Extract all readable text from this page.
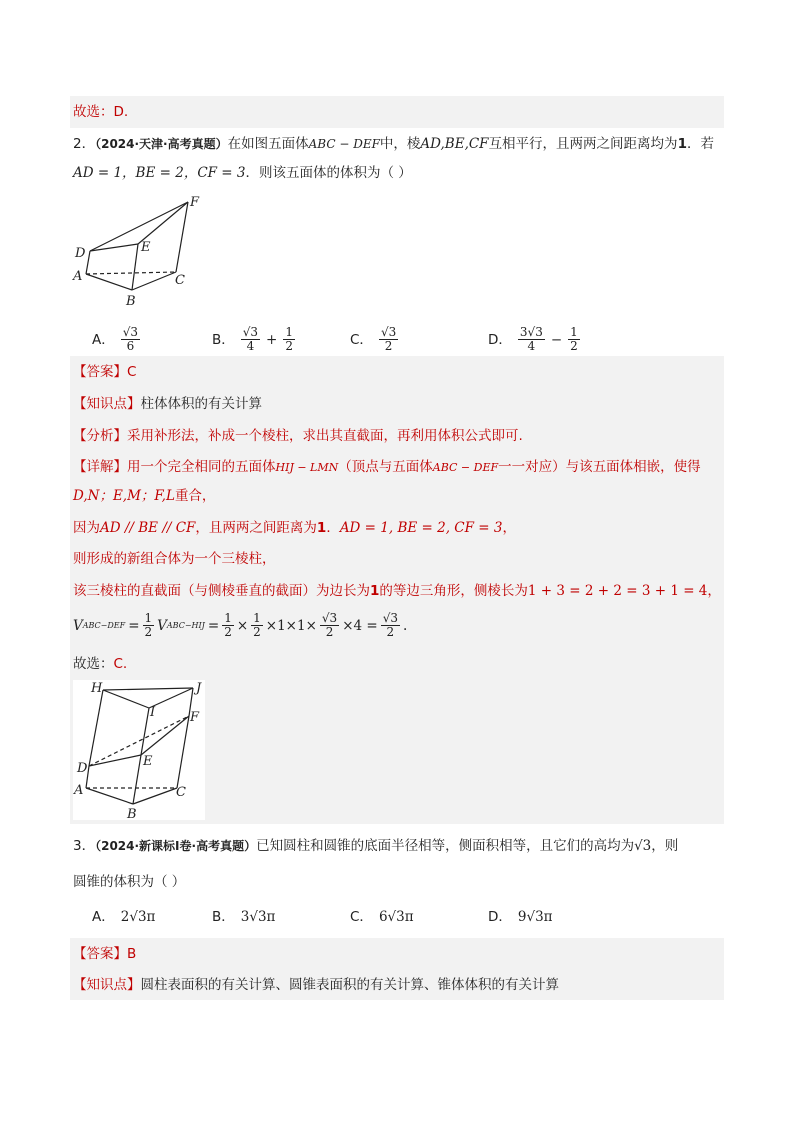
故选：D.
2．（2024·天津·高考真题）在如图五面体ABC − DEF中，棱AD,BE,CF互相平行，且两两之间距离均为1．若
AD = 1，BE = 2，CF = 3．则该五面体的体积为（ ）
F
E
D
A
B
C
A． $\frac{√3}{6}$	B． $\frac{√3}{4} + \frac{1}{2}$	C． $\frac{√3}{2}$	D． $\frac{3√3}{4} - \frac{1}{2}$
【答案】C
【知识点】柱体体积的有关计算
【分析】采用补形法，补成一个棱柱，求出其直截面，再利用体积公式即可.
【详解】用一个完全相同的五面体HIJ − LMN（顶点与五面体ABC − DEF一一对应）与该五面体相嵌，使得
D,N；E,M；F,L重合，
因为AD // BE // CF，且两两之间距离为1．AD = 1, BE = 2, CF = 3，
则形成的新组合体为一个三棱柱，
该三棱柱的直截面（与侧棱垂直的截面）为边长为1的等边三角形，侧棱长为1 + 3 = 2 + 2 = 3 + 1 = 4，
V $ABC-DEF = \frac{1}{2}$ V $ABC-HIJ = \frac{1}{2} \times \frac{1}{2} \times 1\times 1\times \frac{√3}{2} \times 4 = \frac{√3}{2}$ .
故选：C.
H
I
J
F
D	E
A
B
C
3．（2024·新课标Ⅰ卷·高考真题）已知圆柱和圆锥的底面半径相等，侧面积相等，且它们的高均为√3，则
圆锥的体积为（ ）
A． 2√3π	B． 3√3π	C． 6√3π	D． 9√3π
【答案】B
【知识点】圆柱表面积的有关计算、圆锥表面积的有关计算、锥体体积的有关计算
